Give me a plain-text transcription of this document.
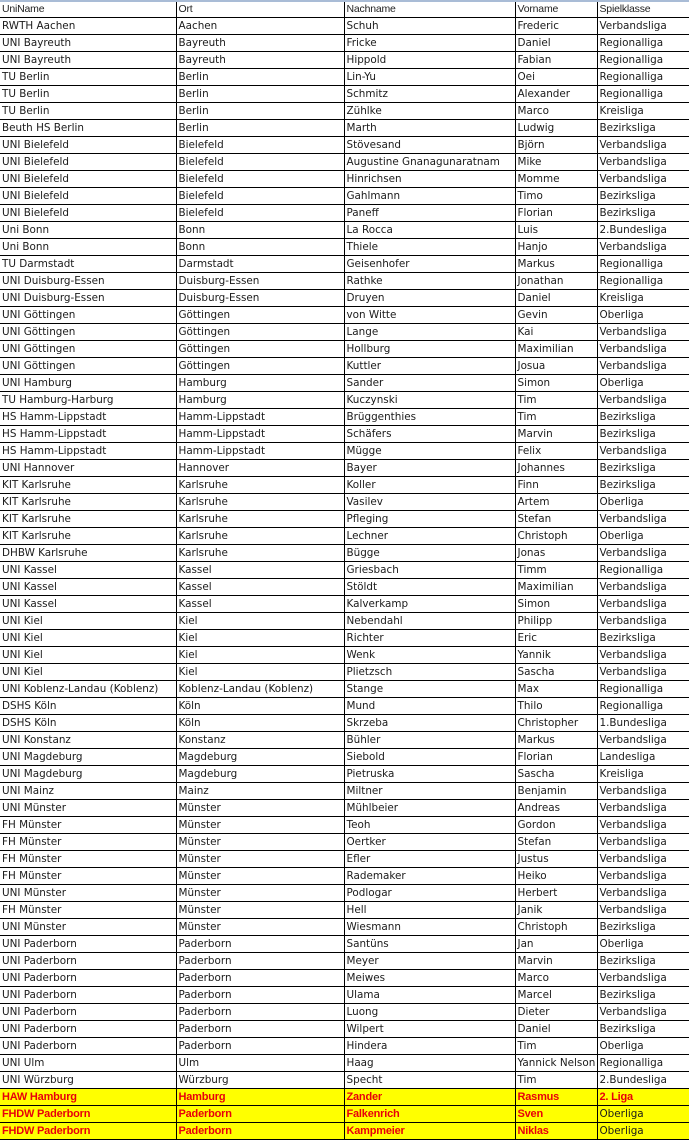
UniName	Ort	Nachname	Vorname	Spielklasse
RWTH Aachen	Aachen	Schuh	Frederic	Verbandsliga
UNI Bayreuth	Bayreuth	Fricke	Daniel	Regionalliga
UNI Bayreuth	Bayreuth	Hippold	Fabian	Regionalliga
TU Berlin	Berlin	Lin-Yu	Oei	Regionalliga
TU Berlin	Berlin	Schmitz	Alexander	Regionalliga
TU Berlin	Berlin	Zühlke	Marco	Kreisliga
Beuth HS Berlin	Berlin	Marth	Ludwig	Bezirksliga
UNI Bielefeld	Bielefeld	Stövesand	Björn	Verbandsliga
UNI Bielefeld	Bielefeld	Augustine Gnanagunaratnam	Mike	Verbandsliga
UNI Bielefeld	Bielefeld	Hinrichsen	Momme	Verbandsliga
UNI Bielefeld	Bielefeld	Gahlmann	Timo	Bezirksliga
UNI Bielefeld	Bielefeld	Paneff	Florian	Bezirksliga
Uni Bonn	Bonn	La Rocca	Luis	2.Bundesliga
Uni Bonn	Bonn	Thiele	Hanjo	Verbandsliga
TU Darmstadt	Darmstadt	Geisenhofer	Markus	Regionalliga
UNI Duisburg-Essen	Duisburg-Essen	Rathke	Jonathan	Regionalliga
UNI Duisburg-Essen	Duisburg-Essen	Druyen	Daniel	Kreisliga
UNI Göttingen	Göttingen	von Witte	Gevin	Oberliga
UNI Göttingen	Göttingen	Lange	Kai	Verbandsliga
UNI Göttingen	Göttingen	Hollburg	Maximilian	Verbandsliga
UNI Göttingen	Göttingen	Kuttler	Josua	Verbandsliga
UNI Hamburg	Hamburg	Sander	Simon	Oberliga
TU Hamburg-Harburg	Hamburg	Kuczynski	Tim	Verbandsliga
HS Hamm-Lippstadt	Hamm-Lippstadt	Brüggenthies	Tim	Bezirksliga
HS Hamm-Lippstadt	Hamm-Lippstadt	Schäfers	Marvin	Bezirksliga
HS Hamm-Lippstadt	Hamm-Lippstadt	Mügge	Felix	Verbandsliga
UNI Hannover	Hannover	Bayer	Johannes	Bezirksliga
KIT Karlsruhe	Karlsruhe	Koller	Finn	Bezirksliga
KIT Karlsruhe	Karlsruhe	Vasilev	Artem	Oberliga
KIT Karlsruhe	Karlsruhe	Pfleging	Stefan	Verbandsliga
KIT Karlsruhe	Karlsruhe	Lechner	Christoph	Oberliga
DHBW Karlsruhe	Karlsruhe	Bügge	Jonas	Verbandsliga
UNI Kassel	Kassel	Griesbach	Timm	Regionalliga
UNI Kassel	Kassel	Stöldt	Maximilian	Verbandsliga
UNI Kassel	Kassel	Kalverkamp	Simon	Verbandsliga
UNI Kiel	Kiel	Nebendahl	Philipp	Verbandsliga
UNI Kiel	Kiel	Richter	Eric	Bezirksliga
UNI Kiel	Kiel	Wenk	Yannik	Verbandsliga
UNI Kiel	Kiel	Plietzsch	Sascha	Verbandsliga
UNI Koblenz-Landau (Koblenz)	Koblenz-Landau (Koblenz)	Stange	Max	Regionalliga
DSHS Köln	Köln	Mund	Thilo	Regionalliga
DSHS Köln	Köln	Skrzeba	Christopher	1.Bundesliga
UNI Konstanz	Konstanz	Bühler	Markus	Verbandsliga
UNI Magdeburg	Magdeburg	Siebold	Florian	Landesliga
UNI Magdeburg	Magdeburg	Pietruska	Sascha	Kreisliga
UNI Mainz	Mainz	Miltner	Benjamin	Verbandsliga
UNI Münster	Münster	Mühlbeier	Andreas	Verbandsliga
FH Münster	Münster	Teoh	Gordon	Verbandsliga
FH Münster	Münster	Oertker	Stefan	Verbandsliga
FH Münster	Münster	Efler	Justus	Verbandsliga
FH Münster	Münster	Rademaker	Heiko	Verbandsliga
UNI Münster	Münster	Podlogar	Herbert	Verbandsliga
FH Münster	Münster	Hell	Janik	Verbandsliga
UNI Münster	Münster	Wiesmann	Christoph	Bezirksliga
UNI Paderborn	Paderborn	Santüns	Jan	Oberliga
UNI Paderborn	Paderborn	Meyer	Marvin	Bezirksliga
UNI Paderborn	Paderborn	Meiwes	Marco	Verbandsliga
UNI Paderborn	Paderborn	Ulama	Marcel	Bezirksliga
UNI Paderborn	Paderborn	Luong	Dieter	Verbandsliga
UNI Paderborn	Paderborn	Wilpert	Daniel	Bezirksliga
UNI Paderborn	Paderborn	Hindera	Tim	Oberliga
UNI Ulm	Ulm	Haag	Yannick Nelson	Regionalliga
UNI Würzburg	Würzburg	Specht	Tim	2.Bundesliga
HAW Hamburg	Hamburg	Zander	Rasmus	2. Liga
FHDW Paderborn	Paderborn	Falkenrich	Sven	Oberliga
FHDW Paderborn	Paderborn	Kampmeier	Niklas	Oberliga
